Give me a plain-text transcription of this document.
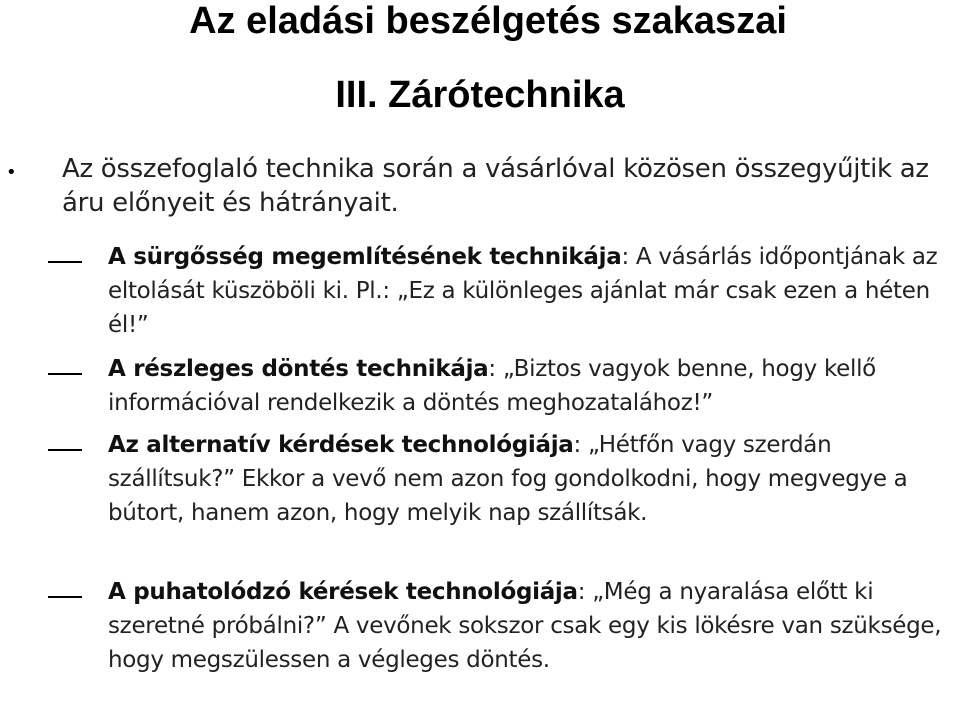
Az eladási beszélgetés szakaszai
III. Zárótechnika
• Az összefoglaló technika során a vásárlóval közösen összegyűjtik az áru előnyeit és hátrányait.
A sürgősség megemlítésének technikája: A vásárlás időpontjának az eltolását küszöböli ki. Pl.: „Ez a különleges ajánlat már csak ezen a héten él!”
A részleges döntés technikája: „Biztos vagyok benne, hogy kellő információval rendelkezik a döntés meghozatalához!”
Az alternatív kérdések technológiája: „Hétfőn vagy szerdán szállítsuk?” Ekkor a vevő nem azon fog gondolkodni, hogy megvegye a bútort, hanem azon, hogy melyik nap szállítsák.
A puhatolódzó kérések technológiája: „Még a nyaralása előtt ki szeretné próbálni?” A vevőnek sokszor csak egy kis lökésre van szüksége, hogy megszülessen a végleges döntés.
